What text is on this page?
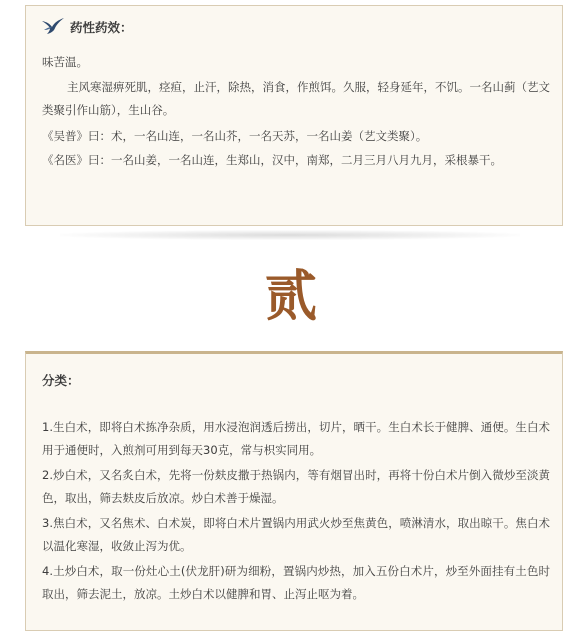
药性药效：

味苦温。

主风寒湿痹死肌，痉疸，止汗，除热，消食，作煎饵。久服，轻身延年，不饥。一名山蓟（艺文类聚引作山筋），生山谷。

《吴普》曰：术，一名山连，一名山芥，一名天苏，一名山姜（艺文类聚）。

《名医》曰：一名山姜，一名山连，生郑山，汉中，南郑，二月三月八月九月，采根暴干。

贰
分类：

1.生白术，即将白术拣净杂质，用水浸泡润透后捞出，切片，晒干。生白术长于健脾、通便。生白术用于通便时，入煎剂可用到每天30克，常与枳实同用。

2.炒白术，又名炙白术，先将一份麸皮撒于热锅内，等有烟冒出时，再将十份白术片倒入微炒至淡黄色，取出，筛去麸皮后放凉。炒白术善于燥湿。

3.焦白术，又名焦术、白术炭，即将白术片置锅内用武火炒至焦黄色，喷淋清水，取出晾干。焦白术以温化寒湿，收敛止泻为优。

4.土炒白术，取一份灶心土(伏龙肝)研为细粉，置锅内炒热，加入五份白术片，炒至外面挂有土色时取出，筛去泥土，放凉。土炒白术以健脾和胃、止泻止呕为着。
